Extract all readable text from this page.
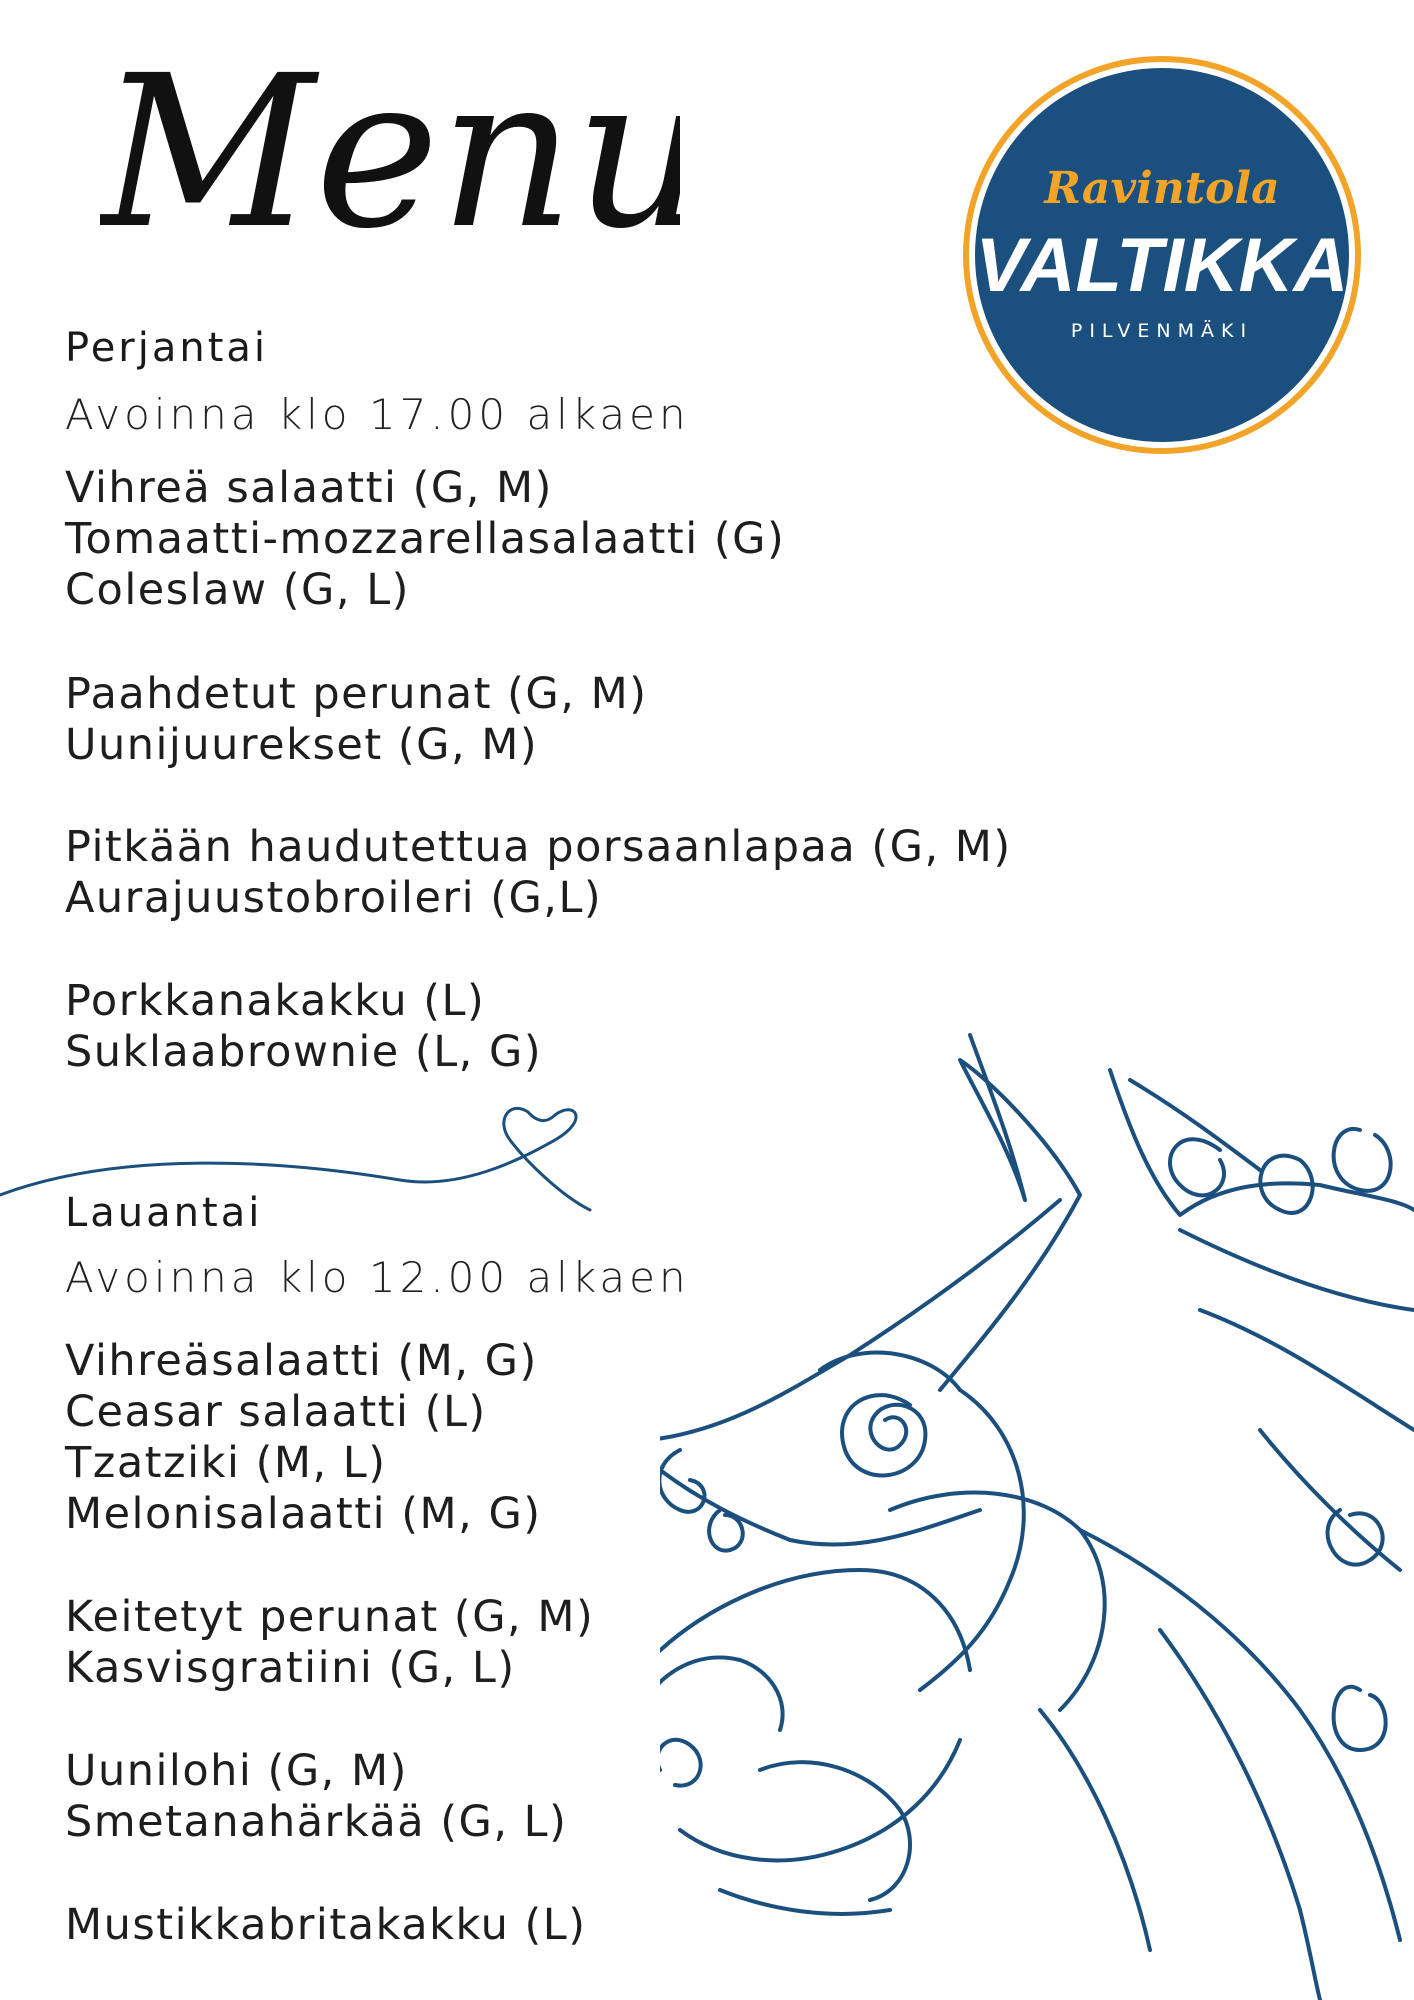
Menu	Ravintola
VALTIKKA
PILVENMÄKI
Perjantai
Avoinna klo 17.00 alkaen
Vihreä salaatti (G, M)
Tomaatti-mozzarellasalaatti (G)
Coleslaw (G, L)
Paahdetut perunat (G, M)
Uunijuurekset (G, M)
Pitkään haudutettua porsaanlapaa (G, M)
Aurajuustobroileri (G,L)
Porkkanakakku (L)
Suklaabrownie (L, G)
Lauantai
Avoinna klo 12.00 alkaen
Vihreäsalaatti (M, G)
Ceasar salaatti (L)
Tzatziki (M, L)
Melonisalaatti (M, G)
Keitetyt perunat (G, M)
Kasvisgratiini (G, L)
Uunilohi (G, M)
Smetanahärkää (G, L)
Mustikkabritakakku (L)
